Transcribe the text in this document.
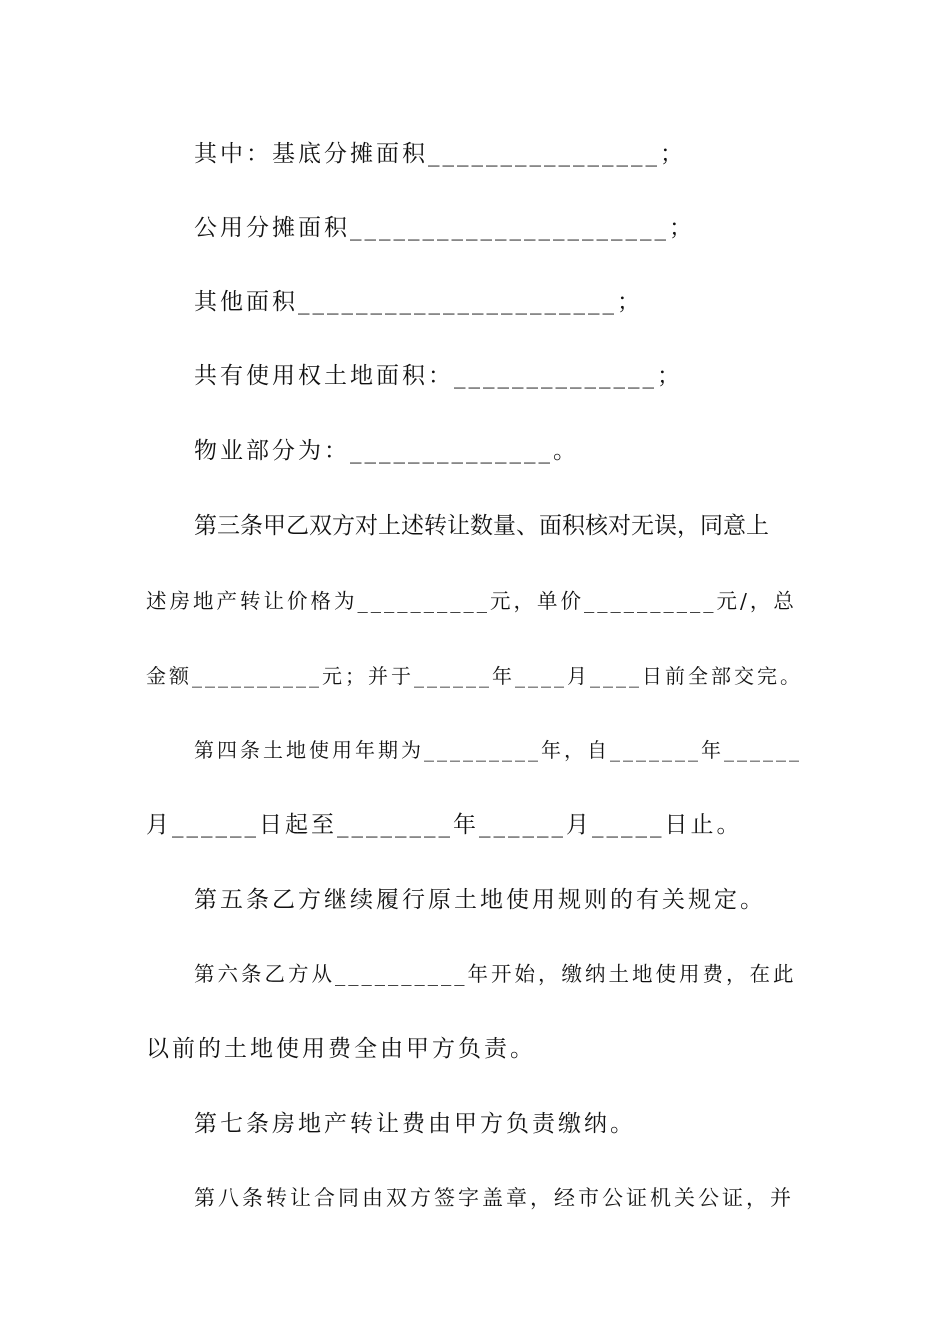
其中：基底分摊面积________________；
公用分摊面积______________________；
其他面积______________________；
共有使用权土地面积：______________；
物业部分为：______________。
第三条甲乙双方对上述转让数量、面积核对无误，同意上
述房地产转让价格为__________元，单价__________元/，总
金额__________元；并于______年____月____日前全部交完。
第四条土地使用年期为_________年，自_______年______
月______日起至________年______月_____日止。
第五条乙方继续履行原土地使用规则的有关规定。
第六条乙方从__________年开始，缴纳土地使用费，在此
以前的土地使用费全由甲方负责。
第七条房地产转让费由甲方负责缴纳。
第八条转让合同由双方签字盖章，经市公证机关公证，并
